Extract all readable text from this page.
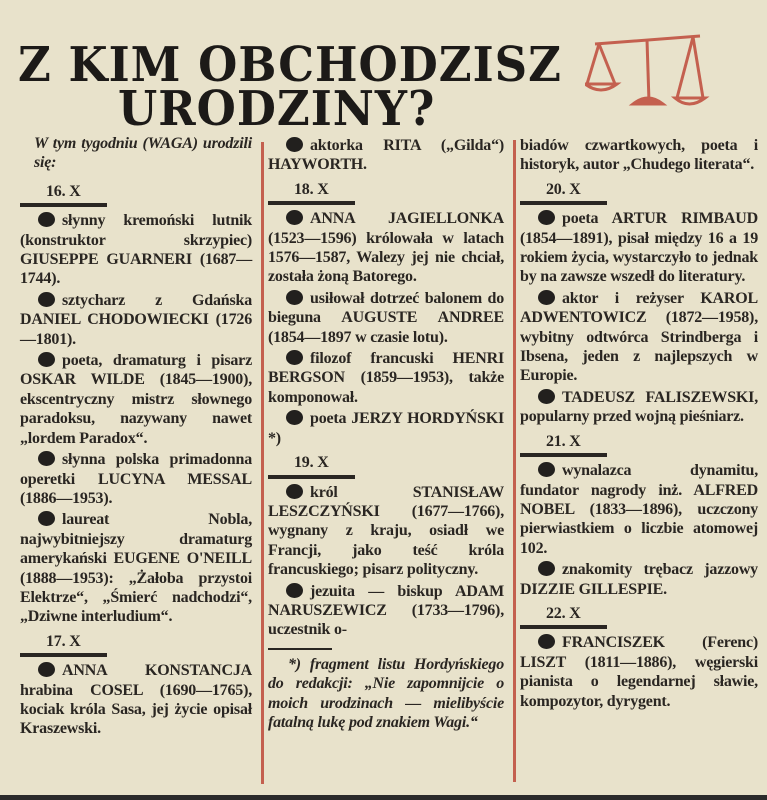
Z KIM OBCHODZISZ
URODZINY?

W tym tygodniu (WAGA) urodzili się:

16. X

słynny kremoński lutnik (konstruktor skrzypiec) GIUSEPPE GUARNERI (1687—1744).

sztycharz z Gdańska DANIEL CHODOWIECKI (1726—1801).

poeta, dramaturg i pisarz OSKAR WILDE (1845—1900), ekscentryczny mistrz słownego paradoksu, nazywany nawet „lordem Paradox“.

słynna polska primadonna operetki LUCYNA MESSAL (1886—1953).

laureat Nobla, najwybitniejszy dramaturg amerykański EUGENE O'NEILL (1888—1953): „Żałoba przystoi Elektrze“, „Śmierć nadchodzi“, „Dziwne interludium“.

17. X

ANNA KONSTANCJA hrabina COSEL (1690—1765), kociak króla Sasa, jej życie opisał Kraszewski.

aktorka RITA („Gilda“) HAYWORTH.

18. X

ANNA JAGIELLONKA (1523—1596) królowała w latach 1576—1587, Walezy jej nie chciał, została żoną Batorego.

usiłował dotrzeć balonem do bieguna AUGUSTE ANDREE (1854—1897 w czasie lotu).

filozof francuski HENRI BERGSON (1859—1953), także komponował.

poeta JERZY HORDYŃSKI *)

19. X

król STANISŁAW LESZCZYŃSKI (1677—1766), wygnany z kraju, osiadł we Francji, jako teść króla francuskiego; pisarz polityczny.

jezuita — biskup ADAM NARUSZEWICZ (1733—1796), uczestnik o-

*) fragment listu Hordyńskiego do redakcji: „Nie zapomnijcie o moich urodzinach — mielibyście fatalną lukę pod znakiem Wagi.“

biadów czwartkowych, poeta i historyk, autor „Chudego literata“.

20. X

poeta ARTUR RIMBAUD (1854—1891), pisał między 16 a 19 rokiem życia, wystarczyło to jednak by na zawsze wszedł do literatury.

aktor i reżyser KAROL ADWENTOWICZ (1872—1958), wybitny odtwórca Strindberga i Ibsena, jeden z najlepszych w Europie.

TADEUSZ FALISZEWSKI, popularny przed wojną pieśniarz.

21. X

wynalazca dynamitu, fundator nagrody inż. ALFRED NOBEL (1833—1896), uczczony pierwiastkiem o liczbie atomowej 102.

znakomity trębacz jazzowy DIZZIE GILLESPIE.

22. X

FRANCISZEK (Ferenc) LISZT (1811—1886), węgierski pianista o legendarnej sławie, kompozytor, dyrygent.
